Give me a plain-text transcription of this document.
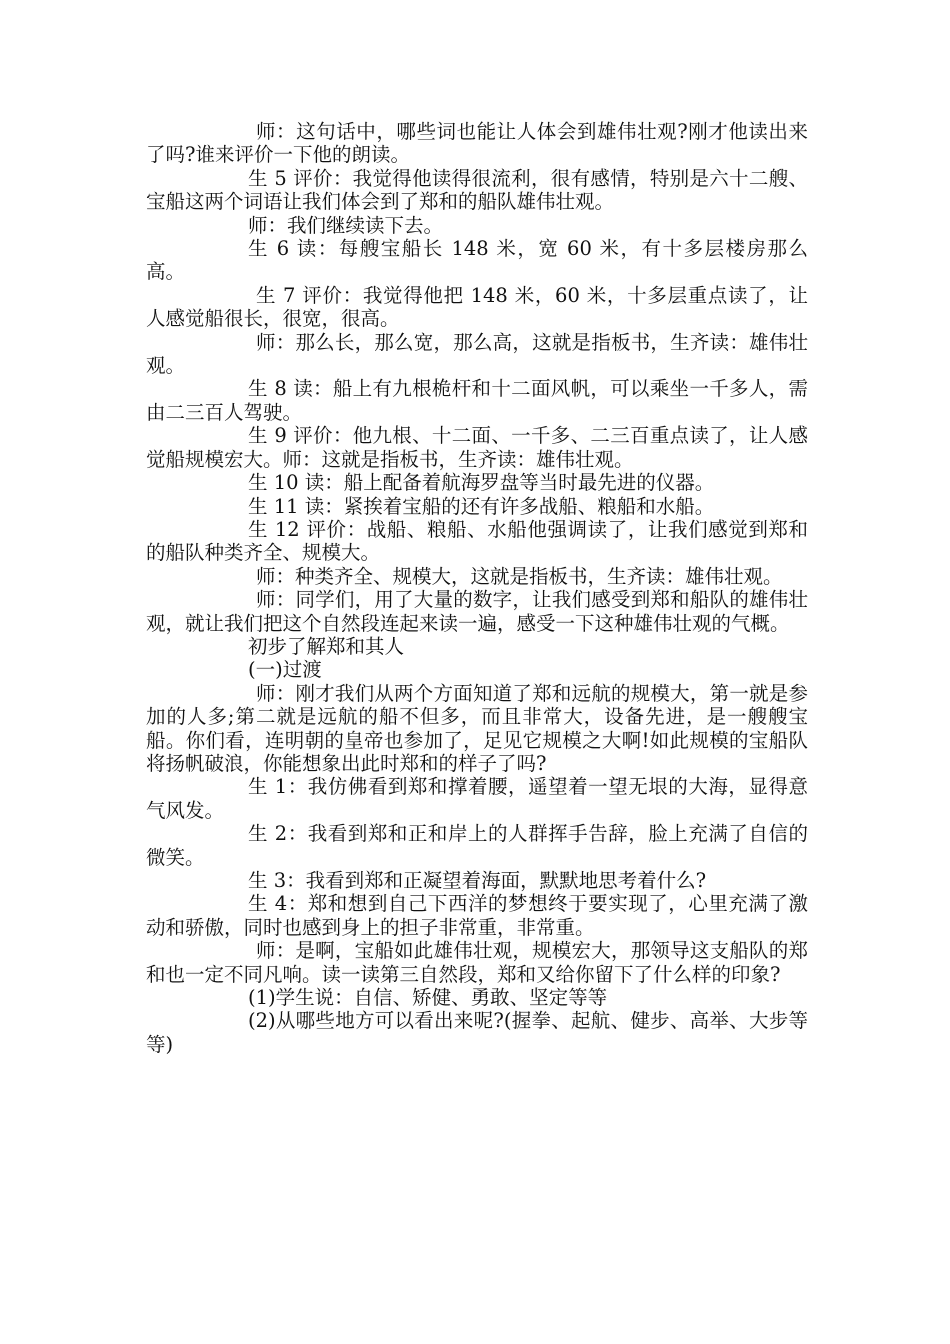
师：这句话中，哪些词也能让人体会到雄伟壮观?刚才他读出来了吗?谁来评价一下他的朗读。

生 5 评价：我觉得他读得很流利，很有感情，特别是六十二艘、宝船这两个词语让我们体会到了郑和的船队雄伟壮观。

师：我们继续读下去。

生 6 读：每艘宝船长 148 米，宽 60 米，有十多层楼房那么高。

生 7 评价：我觉得他把 148 米，60 米，十多层重点读了，让人感觉船很长，很宽，很高。

师：那么长，那么宽，那么高，这就是指板书，生齐读：雄伟壮观。

生 8 读：船上有九根桅杆和十二面风帆，可以乘坐一千多人，需由二三百人驾驶。

生 9 评价：他九根、十二面、一千多、二三百重点读了，让人感觉船规模宏大。师：这就是指板书，生齐读：雄伟壮观。

生 10 读：船上配备着航海罗盘等当时最先进的仪器。

生 11 读：紧挨着宝船的还有许多战船、粮船和水船。

生 12 评价：战船、粮船、水船他强调读了，让我们感觉到郑和的船队种类齐全、规模大。

师：种类齐全、规模大，这就是指板书，生齐读：雄伟壮观。

师：同学们，用了大量的数字，让我们感受到郑和船队的雄伟壮观，就让我们把这个自然段连起来读一遍，感受一下这种雄伟壮观的气概。

初步了解郑和其人

(一)过渡

师：刚才我们从两个方面知道了郑和远航的规模大，第一就是参加的人多;第二就是远航的船不但多，而且非常大，设备先进，是一艘艘宝船。你们看，连明朝的皇帝也参加了，足见它规模之大啊!如此规模的宝船队将扬帆破浪，你能想象出此时郑和的样子了吗?

生 1：我仿佛看到郑和撑着腰，遥望着一望无垠的大海，显得意气风发。

生 2：我看到郑和正和岸上的人群挥手告辞，脸上充满了自信的微笑。

生 3：我看到郑和正凝望着海面，默默地思考着什么?

生 4：郑和想到自己下西洋的梦想终于要实现了，心里充满了激动和骄傲，同时也感到身上的担子非常重，非常重。

师：是啊，宝船如此雄伟壮观，规模宏大，那领导这支船队的郑和也一定不同凡响。读一读第三自然段，郑和又给你留下了什么样的印象?

(1)学生说：自信、矫健、勇敢、坚定等等

(2)从哪些地方可以看出来呢?(握拳、起航、健步、高举、大步等等)
